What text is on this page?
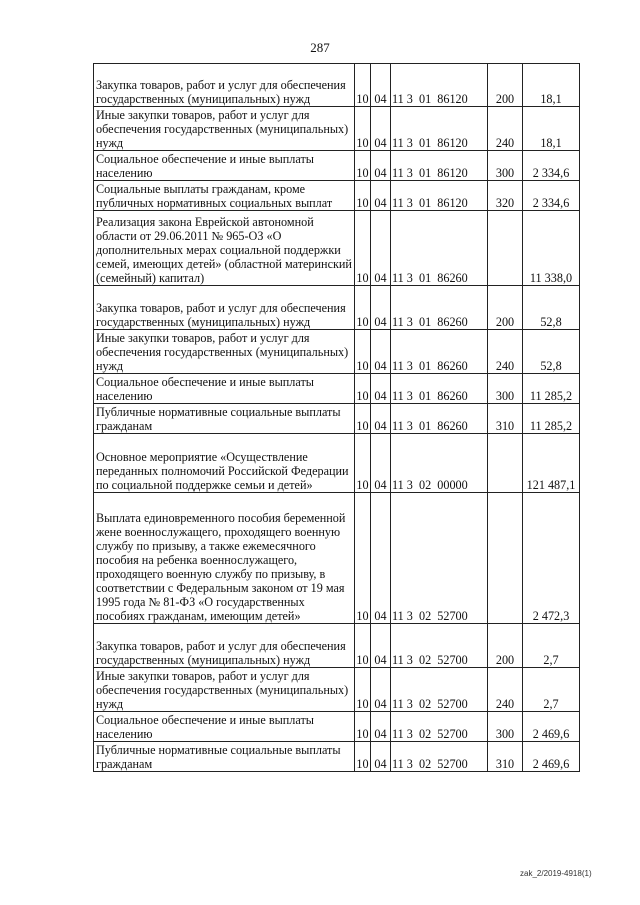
287
Закупка товаров, работ и услуг для обеспечения государственных (муниципальных) нужд	10	04	11 3  01  86120	200	18,1
Иные закупки товаров, работ и услуг для обеспечения государственных (муниципальных) нужд	10	04	11 3  01  86120	240	18,1
Социальное обеспечение и иные выплаты населению	10	04	11 3  01  86120	300	2 334,6
Социальные выплаты гражданам, кроме публичных нормативных социальных выплат	10	04	11 3  01  86120	320	2 334,6
Реализация закона Еврейской автономной области от 29.06.2011 № 965-ОЗ «О дополнительных мерах социальной поддержки семей, имеющих детей» (областной материнский (семейный) капитал)	10	04	11 3  01  86260		11 338,0
Закупка товаров, работ и услуг для обеспечения государственных (муниципальных) нужд	10	04	11 3  01  86260	200	52,8
Иные закупки товаров, работ и услуг для обеспечения государственных (муниципальных) нужд	10	04	11 3  01  86260	240	52,8
Социальное обеспечение и иные выплаты населению	10	04	11 3  01  86260	300	11 285,2
Публичные нормативные социальные выплаты гражданам	10	04	11 3  01  86260	310	11 285,2
Основное мероприятие «Осуществление переданных полномочий Российской Федерации по социальной поддержке семьи и детей»	10	04	11 3  02  00000		121 487,1
Выплата единовременного пособия беременной жене военнослужащего, проходящего военную службу по призыву, а также ежемесячного пособия на ребенка военнослужащего, проходящего военную службу по призыву, в соответствии с Федеральным законом от 19 мая 1995 года № 81-ФЗ «О государственных пособиях гражданам, имеющим детей»	10	04	11 3  02  52700		2 472,3
Закупка товаров, работ и услуг для обеспечения государственных (муниципальных) нужд	10	04	11 3  02  52700	200	2,7
Иные закупки товаров, работ и услуг для обеспечения государственных (муниципальных) нужд	10	04	11 3  02  52700	240	2,7
Социальное обеспечение и иные выплаты населению	10	04	11 3  02  52700	300	2 469,6
Публичные нормативные социальные выплаты гражданам	10	04	11 3  02  52700	310	2 469,6
zak_2/2019-4918(1)
